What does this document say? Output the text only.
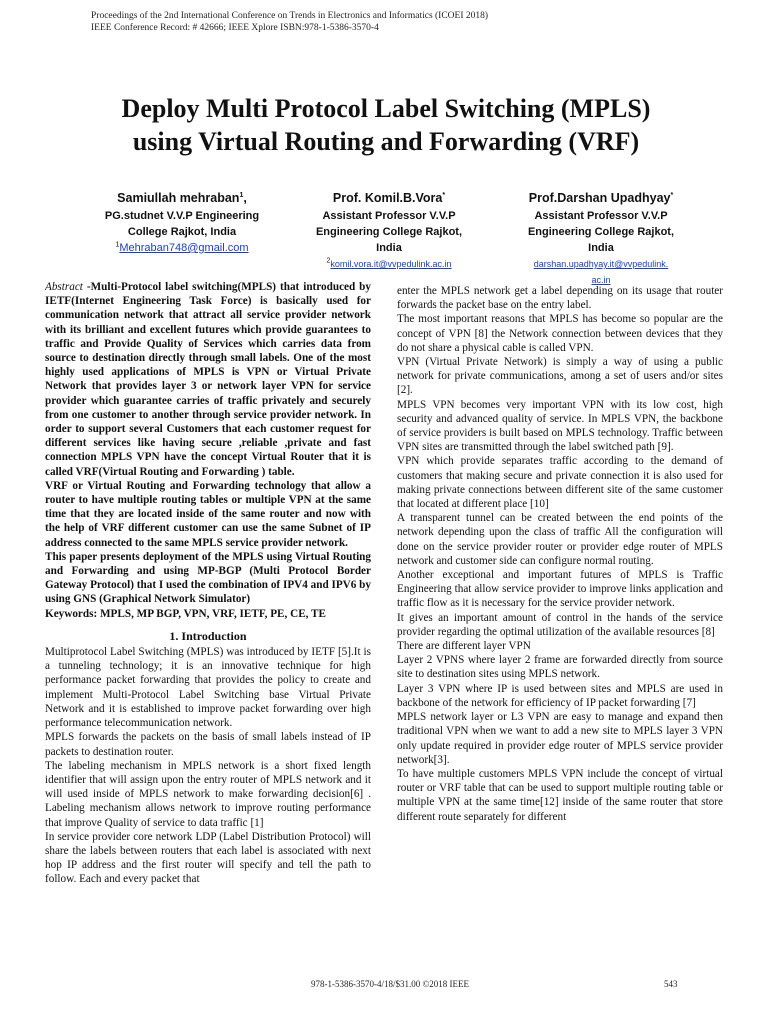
Proceedings of the 2nd International Conference on Trends in Electronics and Informatics (ICOEI 2018)
IEEE Conference Record: # 42666; IEEE Xplore ISBN:978-1-5386-3570-4
Deploy Multi Protocol Label Switching (MPLS)
using Virtual Routing and Forwarding (VRF)
Samiullah mehraban$^1$,
PG.studnet V.V.P Engineering
College Rajkot, India
$^1$Mehraban748@gmail.com
Prof. Komil.B.Vora*
Assistant Professor V.V.P
Engineering College Rajkot,
India
$^2$komil.vora.it@vvpedulink.ac.in
Prof.Darshan Upadhyay*
Assistant Professor V.V.P
Engineering College Rajkot,
India
darshan.upadhyay.it@vvpedulink.
ac.in

Abstract -Multi-Protocol label switching(MPLS) that introduced by IETF(Internet Engineering Task Force) is basically used for communication network that attract all service provider network with its brilliant and excellent futures which provide guarantees to traffic and Provide Quality of Services which carries data from source to destination directly through small labels. One of the most highly used applications of MPLS is VPN or Virtual Private Network that provides layer 3 or network layer VPN for service provider which guarantee carries of traffic privately and securely from one customer to another through service provider network. In order to support several Customers that each customer request for different services like having secure ,reliable ,private and fast connection MPLS VPN have the concept Virtual Router that it is called VRF(Virtual Routing and Forwarding ) table.

VRF or Virtual Routing and Forwarding technology that allow a router to have multiple routing tables or multiple VPN at the same time that they are located inside of the same router and now with the help of VRF different customer can use the same Subnet of IP address connected to the same MPLS service provider network.

This paper presents deployment of the MPLS using Virtual Routing and Forwarding and using MP-BGP (Multi Protocol Border Gateway Protocol) that I used the combination of IPV4 and IPV6 by using GNS (Graphical Network Simulator)

Keywords: MPLS, MP BGP, VPN, VRF, IETF, PE, CE, TE

1. Introduction

Multiprotocol Label Switching (MPLS) was introduced by IETF [5].It is a tunneling technology; it is an innovative technique for high performance packet forwarding that provides the policy to create and implement Multi-Protocol Label Switching base Virtual Private Network and it is established to improve packet forwarding over high performance telecommunication network.

MPLS forwards the packets on the basis of small labels instead of IP packets to destination router.

The labeling mechanism in MPLS network is a short fixed length identifier that will assign upon the entry router of MPLS network and it will used inside of MPLS network to make forwarding decision[6] . Labeling mechanism allows network to improve routing performance that improve Quality of service to data traffic [1]

In service provider core network LDP (Label Distribution Protocol) will share the labels between routers that each label is associated with next hop IP address and the first router will specify and tell the path to follow. Each and every packet that

enter the MPLS network get a label depending on its usage that router forwards the packet base on the entry label.

The most important reasons that MPLS has become so popular are the concept of VPN [8] the Network connection between devices that they do not share a physical cable is called VPN.

VPN (Virtual Private Network) is simply a way of using a public network for private communications, among a set of users and/or sites [2].

MPLS VPN becomes very important VPN with its low cost, high security and advanced quality of service. In MPLS VPN, the backbone of service providers is built based on MPLS technology. Traffic between VPN sites are transmitted through the label switched path [9].

VPN which provide separates traffic according to the demand of customers that making secure and private connection it is also used for making private connections between different site of the same customer that located at different place [10]

A transparent tunnel can be created between the end points of the network depending upon the class of traffic All the configuration will done on the service provider router or provider edge router of MPLS network and customer side can configure normal routing.

Another exceptional and important futures of MPLS is Traffic Engineering that allow service provider to improve links application and traffic flow as it is necessary for the service provider network.

It gives an important amount of control in the hands of the service provider regarding the optimal utilization of the available resources [8]

There are different layer VPN

Layer 2 VPNS where layer 2 frame are forwarded directly from source site to destination sites using MPLS network.

Layer 3 VPN where IP is used between sites and MPLS are used in backbone of the network for efficiency of IP packet forwarding [7]

MPLS network layer or L3 VPN are easy to manage and expand then traditional VPN when we want to add a new site to MPLS layer 3 VPN only update required in provider edge router of MPLS service provider network[3].

To have multiple customers MPLS VPN include the concept of virtual router or VRF table that can be used to support multiple routing table or multiple VPN at the same time[12] inside of the same router that store different route separately for different

978-1-5386-3570-4/18/$31.00 ©2018 IEEE	543
